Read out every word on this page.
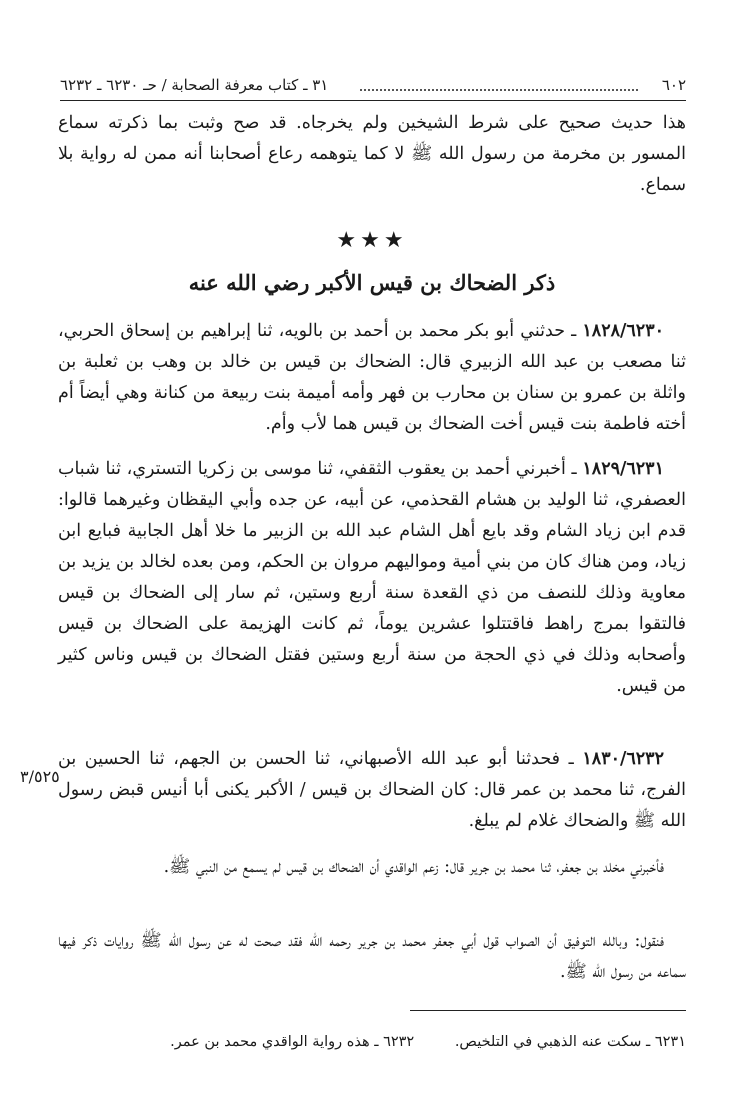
٦٠٢
٣١ ـ كتاب معرفة الصحابة / حـ ٦٢٣٠ ـ ٦٢٣٢

هذا حديث صحيح على شرط الشيخين ولم يخرجاه. قد صح وثبت بما ذكرته سماع المسور بن مخرمة من رسول الله ﷺ لا كما يتوهمه رعاع أصحابنا أنه ممن له رواية بلا سماع.

★★★
ذكر الضحاك بن قيس الأكبر رضي الله عنه

١٨٢٨/٦٢٣٠ ـ حدثني أبو بكر محمد بن أحمد بن بالويه، ثنا إبراهيم بن إسحاق الحربي، ثنا مصعب بن عبد الله الزبيري قال: الضحاك بن قيس بن خالد بن وهب بن ثعلبة بن واثلة بن عمرو بن سنان بن محارب بن فهر وأمه أميمة بنت ربيعة من كنانة وهي أيضاً أم أخته فاطمة بنت قيس أخت الضحاك بن قيس هما لأب وأم.

١٨٢٩/٦٢٣١ ـ أخبرني أحمد بن يعقوب الثقفي، ثنا موسى بن زكريا التستري، ثنا شباب العصفري، ثنا الوليد بن هشام القحذمي، عن أبيه، عن جده وأبي اليقظان وغيرهما قالوا: قدم ابن زياد الشام وقد بايع أهل الشام عبد الله بن الزبير ما خلا أهل الجابية فبايع ابن زياد، ومن هناك كان من بني أمية ومواليهم مروان بن الحكم، ومن بعده لخالد بن يزيد بن معاوية وذلك للنصف من ذي القعدة سنة أربع وستين، ثم سار إلى الضحاك بن قيس فالتقوا بمرج راهط فاقتتلوا عشرين يوماً، ثم كانت الهزيمة على الضحاك بن قيس وأصحابه وذلك في ذي الحجة من سنة أربع وستين فقتل الضحاك بن قيس وناس كثير من قيس.

١٨٣٠/٦٢٣٢ ـ فحدثنا أبو عبد الله الأصبهاني، ثنا الحسن بن الجهم، ثنا الحسين بن الفرج، ثنا محمد بن عمر قال: كان الضحاك بن قيس / الأكبر يكنى أبا أنيس قبض رسول الله ﷺ والضحاك غلام لم يبلغ.

٣/٥٢٥

فأخبرني مخلد بن جعفر، ثنا محمد بن جرير قال: زعم الواقدي أن الضحاك بن قيس لم يسمع من النبي ﷺ.

فنقول: وبالله التوفيق أن الصواب قول أبي جعفر محمد بن جرير رحمه الله فقد صحت له عن رسول الله ﷺ روايات ذكر فيها سماعه من رسول الله ﷺ.

٦٢٣١ ـ سكت عنه الذهبي في التلخيص. ٦٢٣٢ ـ هذه رواية الواقدي محمد بن عمر.
